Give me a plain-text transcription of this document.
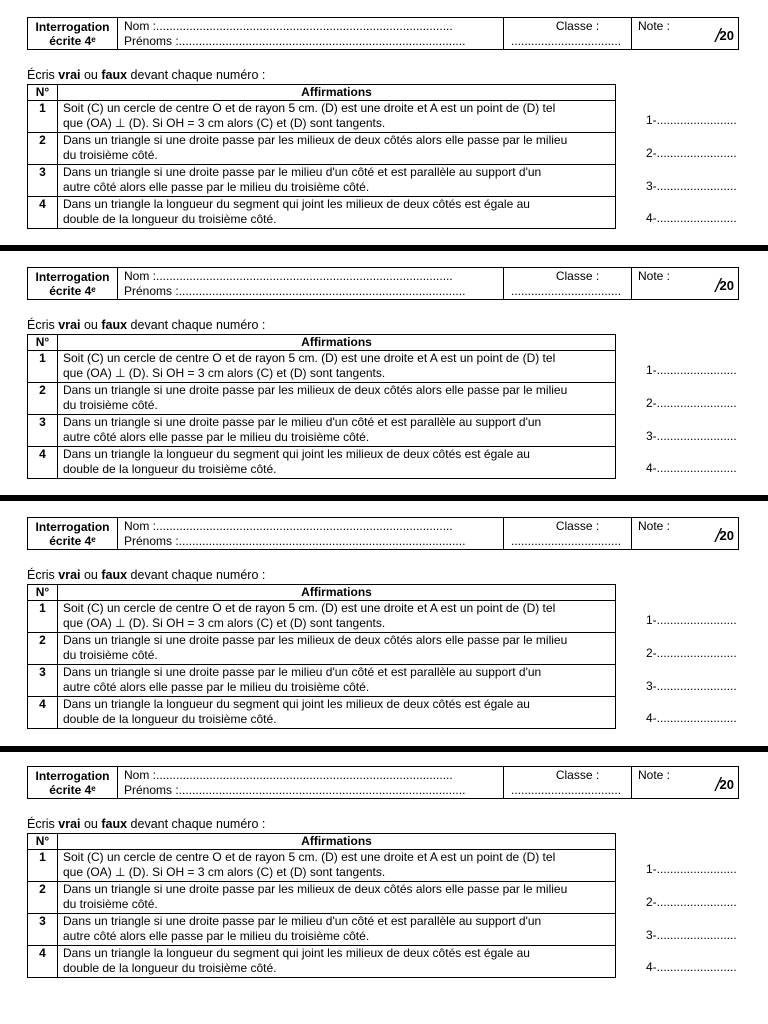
Interrogation
écrite 4ᵉ
Nom :.........................................................................................
Prénoms :......................................................................................
Classe :
.................................
Note : /20
Écris vrai ou faux devant chaque numéro :
N°	Affirmations
1	Soit (C) un cercle de centre O et de rayon 5 cm. (D) est une droite et A est un point de (D) tel
que (OA) ⊥ (D). Si OH = 3 cm alors (C) et (D) sont tangents.

2	Dans un triangle si une droite passe par les milieux de deux côtés alors elle passe par le milieu
du troisième côté.

3	Dans un triangle si une droite passe par le milieu d'un côté et est parallèle au support d'un
autre côté alors elle passe par le milieu du troisième côté.

4	Dans un triangle la longueur du segment qui joint les milieux de deux côtés est égale au
double de la longueur du troisième côté.
1-........................
2-........................
3-........................
4-........................
Interrogation
écrite 4ᵉ
Nom :.........................................................................................
Prénoms :......................................................................................
Classe :
.................................
Note : /20
Écris vrai ou faux devant chaque numéro :
N°	Affirmations
1	Soit (C) un cercle de centre O et de rayon 5 cm. (D) est une droite et A est un point de (D) tel
que (OA) ⊥ (D). Si OH = 3 cm alors (C) et (D) sont tangents.

2	Dans un triangle si une droite passe par les milieux de deux côtés alors elle passe par le milieu
du troisième côté.

3	Dans un triangle si une droite passe par le milieu d'un côté et est parallèle au support d'un
autre côté alors elle passe par le milieu du troisième côté.

4	Dans un triangle la longueur du segment qui joint les milieux de deux côtés est égale au
double de la longueur du troisième côté.
1-........................
2-........................
3-........................
4-........................
Interrogation
écrite 4ᵉ
Nom :.........................................................................................
Prénoms :......................................................................................
Classe :
.................................
Note : /20
Écris vrai ou faux devant chaque numéro :
N°	Affirmations
1	Soit (C) un cercle de centre O et de rayon 5 cm. (D) est une droite et A est un point de (D) tel
que (OA) ⊥ (D). Si OH = 3 cm alors (C) et (D) sont tangents.

2	Dans un triangle si une droite passe par les milieux de deux côtés alors elle passe par le milieu
du troisième côté.

3	Dans un triangle si une droite passe par le milieu d'un côté et est parallèle au support d'un
autre côté alors elle passe par le milieu du troisième côté.

4	Dans un triangle la longueur du segment qui joint les milieux de deux côtés est égale au
double de la longueur du troisième côté.
1-........................
2-........................
3-........................
4-........................
Interrogation
écrite 4ᵉ
Nom :.........................................................................................
Prénoms :......................................................................................
Classe :
.................................
Note : /20
Écris vrai ou faux devant chaque numéro :
N°	Affirmations
1	Soit (C) un cercle de centre O et de rayon 5 cm. (D) est une droite et A est un point de (D) tel
que (OA) ⊥ (D). Si OH = 3 cm alors (C) et (D) sont tangents.

2	Dans un triangle si une droite passe par les milieux de deux côtés alors elle passe par le milieu
du troisième côté.

3	Dans un triangle si une droite passe par le milieu d'un côté et est parallèle au support d'un
autre côté alors elle passe par le milieu du troisième côté.

4	Dans un triangle la longueur du segment qui joint les milieux de deux côtés est égale au
double de la longueur du troisième côté.
1-........................
2-........................
3-........................
4-........................
